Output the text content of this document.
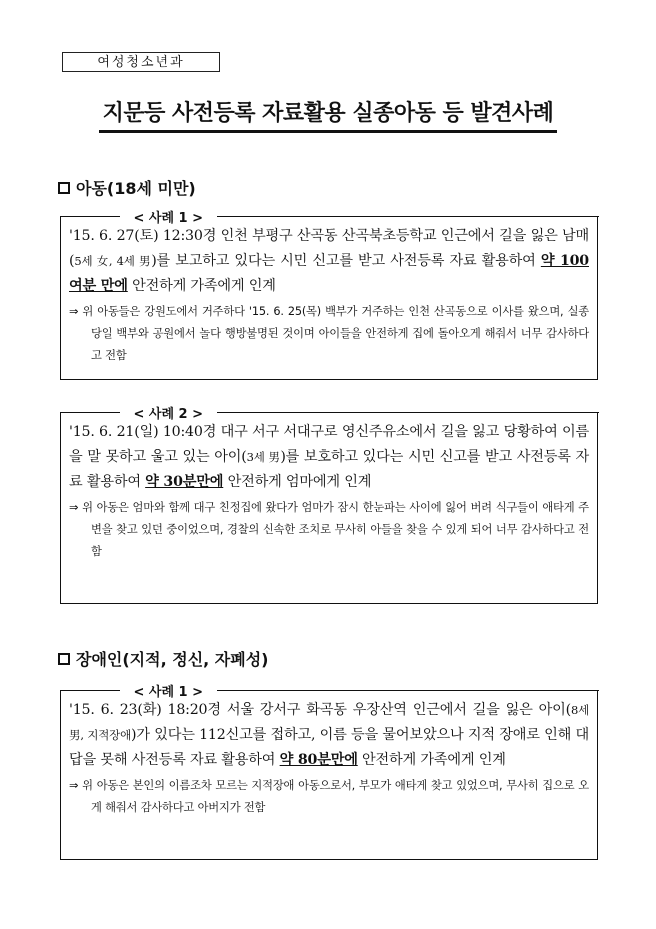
여성청소년과
지문등 사전등록 자료활용 실종아동 등 발견사례
아동(18세 미만)
< 사례 1 >

'15. 6. 27(토) 12:30경 인천 부평구 산곡동 산곡북초등학교 인근에서 길을 잃은 남매(5세 女, 4세 男)를 보고하고 있다는 시민 신고를 받고 사전등록 자료 활용하여 약 100여분 만에 안전하게 가족에게 인계

⇒ 위 아동들은 강원도에서 거주하다 '15. 6. 25(목) 백부가 거주하는 인천 산곡동으로 이사를 왔으며, 실종당일 백부와 공원에서 놀다 행방불명된 것이며 아이들을 안전하게 집에 돌아오게 해줘서 너무 감사하다고 전함

< 사례 2 >

'15. 6. 21(일) 10:40경 대구 서구 서대구로 영신주유소에서 길을 잃고 당황하여 이름을 말 못하고 울고 있는 아이(3세 男)를 보호하고 있다는 시민 신고를 받고 사전등록 자료 활용하여 약 30분만에 안전하게 엄마에게 인계

⇒ 위 아동은 엄마와 함께 대구 친정집에 왔다가 엄마가 잠시 한눈파는 사이에 잃어 버려 식구들이 애타게 주변을 찾고 있던 중이었으며, 경찰의 신속한 조치로 무사히 아들을 찾을 수 있게 되어 너무 감사하다고 전함

장애인(지적, 정신, 자폐성)
< 사례 1 >

'15. 6. 23(화) 18:20경 서울 강서구 화곡동 우장산역 인근에서 길을 잃은 아이(8세 男, 지적장애)가 있다는 112신고를 접하고, 이름 등을 물어보았으나 지적 장애로 인해 대답을 못해 사전등록 자료 활용하여 약 80분만에 안전하게 가족에게 인계

⇒ 위 아동은 본인의 이름조차 모르는 지적장애 아동으로서, 부모가 애타게 찾고 있었으며, 무사히 집으로 오게 해줘서 감사하다고 아버지가 전함
